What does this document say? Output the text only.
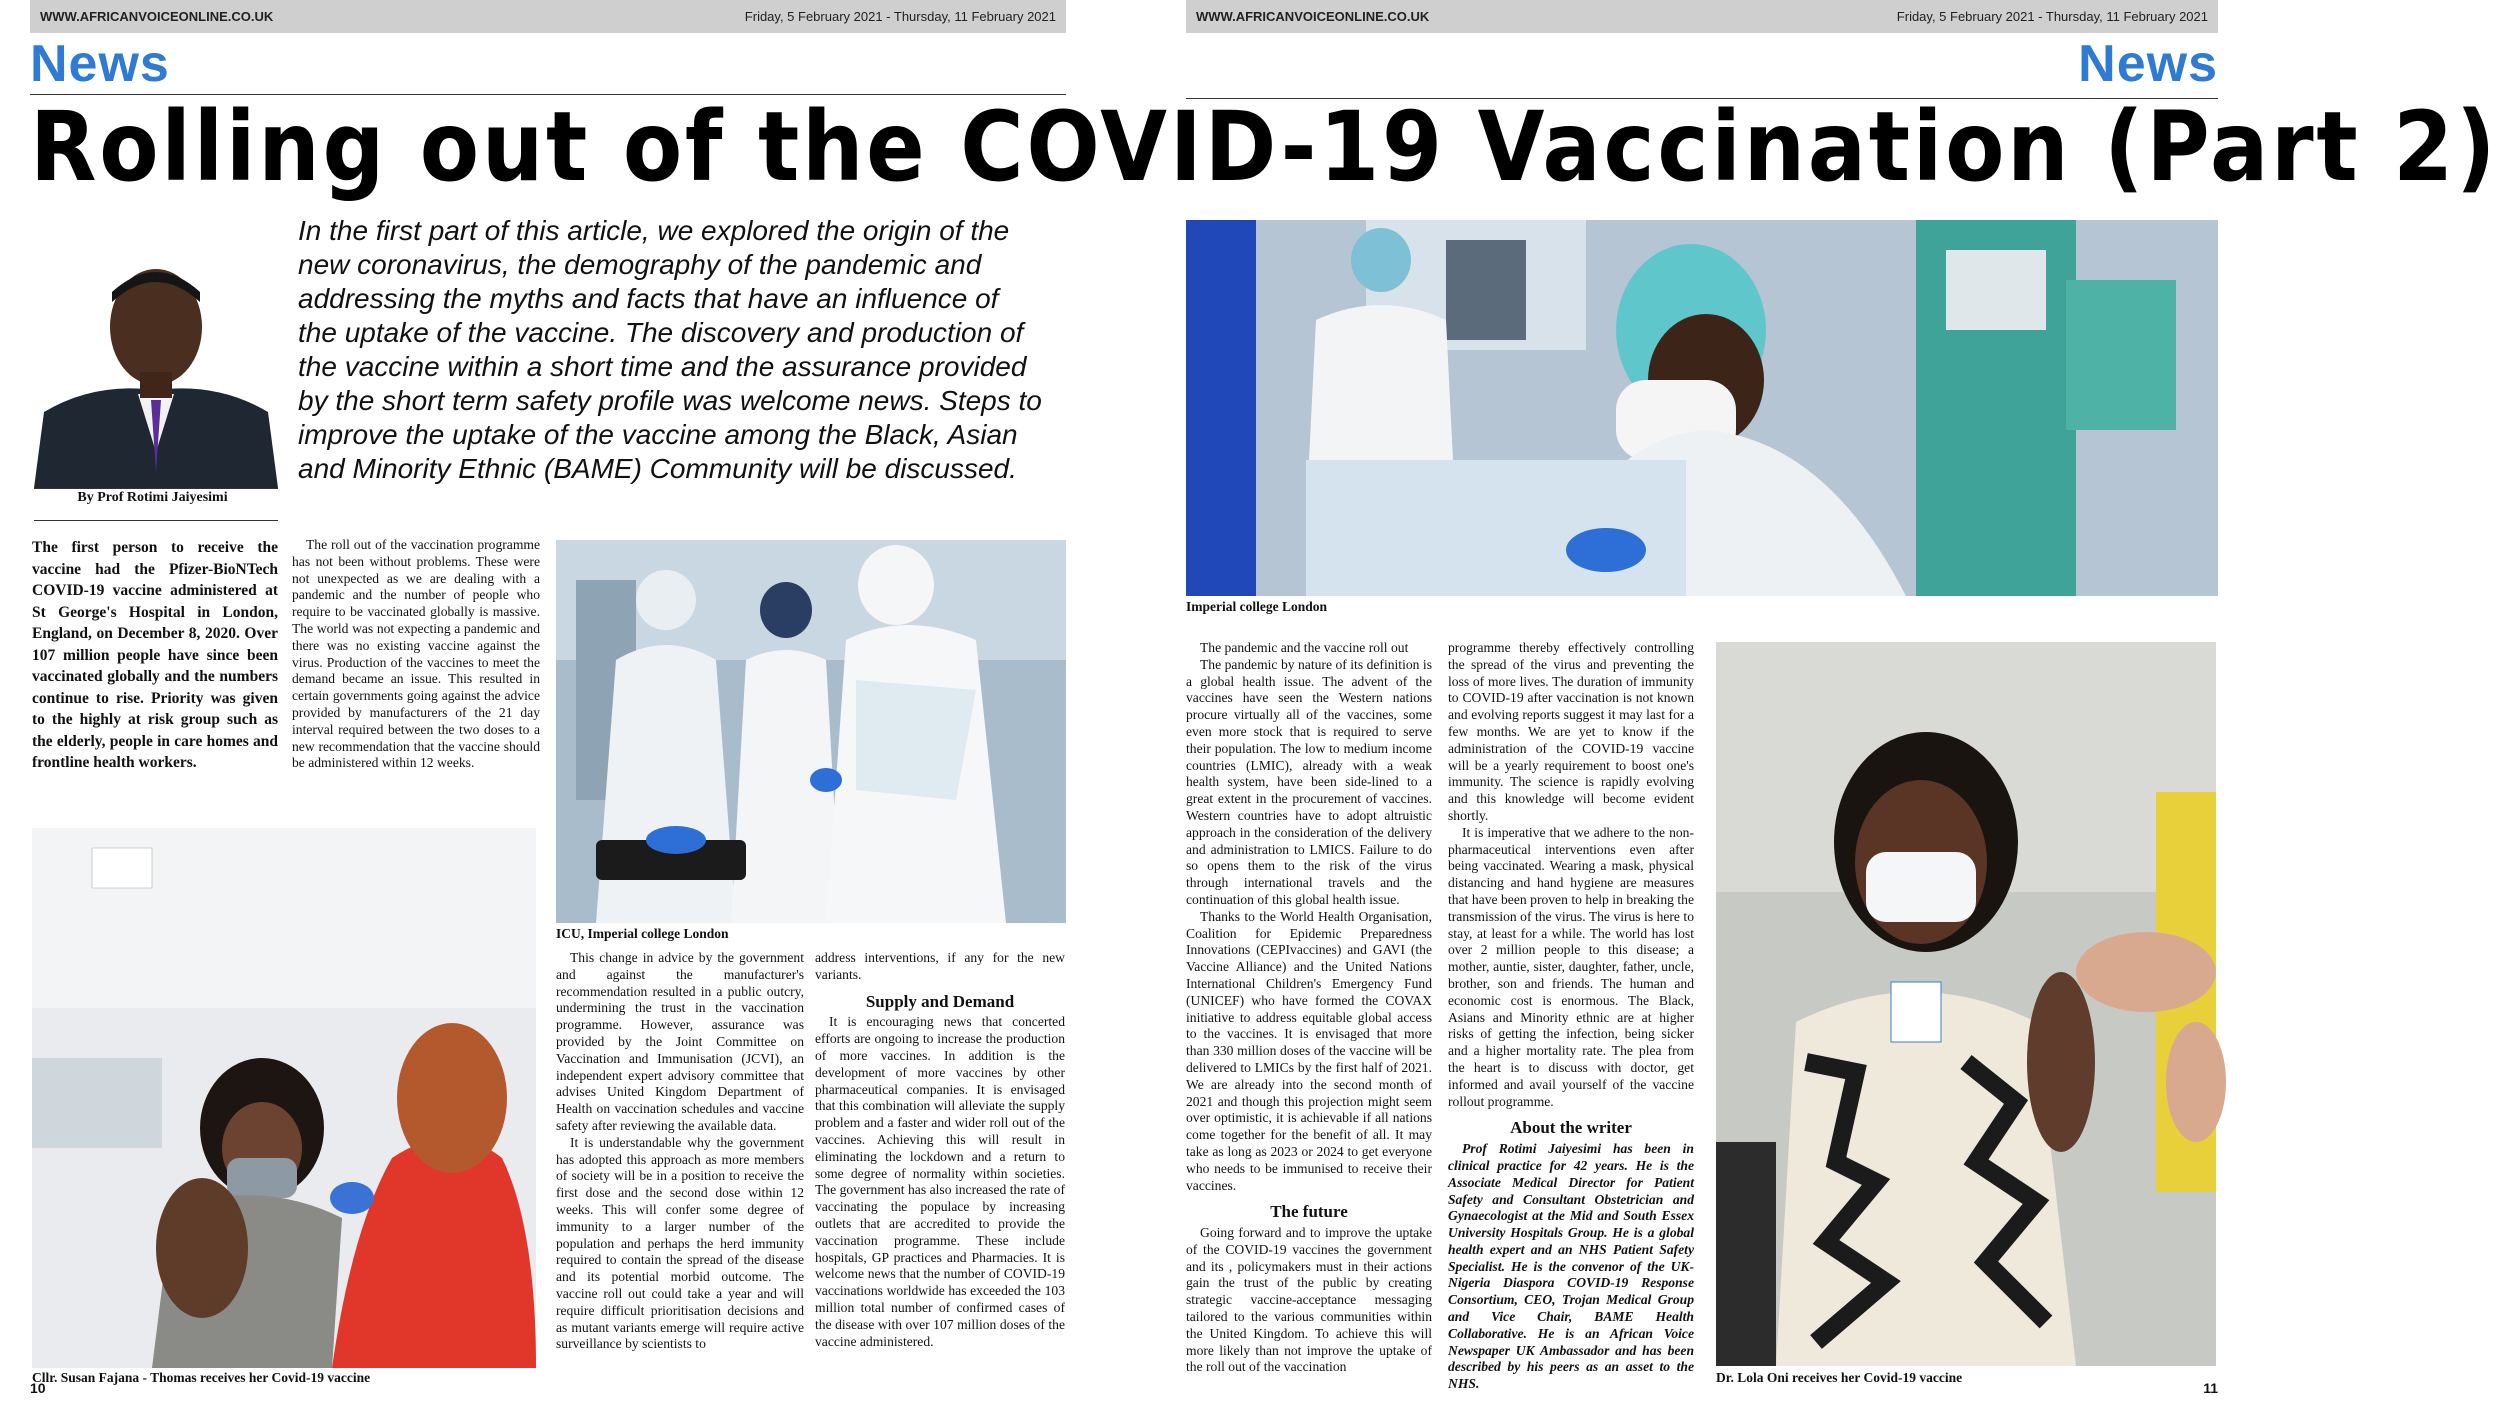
WWW.AFRICANVOICEONLINE.CO.UK	Friday, 5 February 2021 - Thursday, 11 February 2021	WWW.AFRICANVOICEONLINE.CO.UK	Friday, 5 February 2021 - Thursday, 11 February 2021
News	News
Rolling out of the COVID-19 Vaccination (Part 2)
By Prof Rotimi Jaiyesimi
In the first part of this article, we explored the origin of the new coronavirus, the demography of the pandemic and addressing the myths and facts that have an influence of the uptake of the vaccine. The discovery and production of the vaccine within a short time and the assurance provided by the short term safety profile was welcome news. Steps to improve the uptake of the vaccine among the Black, Asian and Minority Ethnic (BAME) Community will be discussed.
The first person to receive the vaccine had the Pfizer-BioNTech COVID-19 vaccine administered at St George's Hospital in London, England, on December 8, 2020. Over 107 million people have since been vaccinated globally and the numbers continue to rise. Priority was given to the highly at risk group such as the elderly, people in care homes and frontline health workers.

The roll out of the vaccination programme has not been without problems. These were not unexpected as we are dealing with a pandemic and the number of people who require to be vaccinated globally is massive. The world was not expecting a pandemic and there was no existing vaccine against the virus. Production of the vaccines to meet the demand became an issue. This resulted in certain governments going against the advice provided by manufacturers of the 21 day interval required between the two doses to a new recommendation that the vaccine should be administered within 12 weeks.

ICU, Imperial college London
Cllr. Susan Fajana - Thomas receives her Covid-19 vaccine

This change in advice by the government and against the manufacturer's recommendation resulted in a public outcry, undermining the trust in the vaccination programme. However, assurance was provided by the Joint Committee on Vaccination and Immunisation (JCVI), an independent expert advisory committee that advises United Kingdom Department of Health on vaccination schedules and vaccine safety after reviewing the available data.

It is understandable why the government has adopted this approach as more members of society will be in a position to receive the first dose and the second dose within 12 weeks. This will confer some degree of immunity to a larger number of the population and perhaps the herd immunity required to contain the spread of the disease and its potential morbid outcome. The vaccine roll out could take a year and will require difficult prioritisation decisions and as mutant variants emerge will require active surveillance by scientists to

address interventions, if any for the new variants.

Supply and Demand

It is encouraging news that concerted efforts are ongoing to increase the production of more vaccines. In addition is the development of more vaccines by other pharmaceutical companies. It is envisaged that this combination will alleviate the supply problem and a faster and wider roll out of the vaccines. Achieving this will result in eliminating the lockdown and a return to some degree of normality within societies. The government has also increased the rate of vaccinating the populace by increasing outlets that are accredited to provide the vaccination programme. These include hospitals, GP practices and Pharmacies. It is welcome news that the number of COVID-19 vaccinations worldwide has exceeded the 103 million total number of confirmed cases of the disease with over 107 million doses of the vaccine administered.

Imperial college London

The pandemic and the vaccine roll out

The pandemic by nature of its definition is a global health issue. The advent of the vaccines have seen the Western nations procure virtually all of the vaccines, some even more stock that is required to serve their population. The low to medium income countries (LMIC), already with a weak health system, have been side-lined to a great extent in the procurement of vaccines. Western countries have to adopt altruistic approach in the consideration of the delivery and administration to LMICS. Failure to do so opens them to the risk of the virus through international travels and the continuation of this global health issue.

Thanks to the World Health Organisation, Coalition for Epidemic Preparedness Innovations (CEPIvaccines) and GAVI (the Vaccine Alliance) and the United Nations International Children's Emergency Fund (UNICEF) who have formed the COVAX initiative to address equitable global access to the vaccines. It is envisaged that more than 330 million doses of the vaccine will be delivered to LMICs by the first half of 2021. We are already into the second month of 2021 and though this projection might seem over optimistic, it is achievable if all nations come together for the benefit of all. It may take as long as 2023 or 2024 to get everyone who needs to be immunised to receive their vaccines.

The future

Going forward and to improve the uptake of the COVID-19 vaccines the government and its , policymakers must in their actions gain the trust of the public by creating strategic vaccine-acceptance messaging tailored to the various communities within the United Kingdom. To achieve this will more likely than not improve the uptake of the roll out of the vaccination

programme thereby effectively controlling the spread of the virus and preventing the loss of more lives. The duration of immunity to COVID-19 after vaccination is not known and evolving reports suggest it may last for a few months. We are yet to know if the administration of the COVID-19 vaccine will be a yearly requirement to boost one's immunity. The science is rapidly evolving and this knowledge will become evident shortly.

It is imperative that we adhere to the non-pharmaceutical interventions even after being vaccinated. Wearing a mask, physical distancing and hand hygiene are measures that have been proven to help in breaking the transmission of the virus. The virus is here to stay, at least for a while. The world has lost over 2 million people to this disease; a mother, auntie, sister, daughter, father, uncle, brother, son and friends. The human and economic cost is enormous. The Black, Asians and Minority ethnic are at higher risks of getting the infection, being sicker and a higher mortality rate. The plea from the heart is to discuss with doctor, get informed and avail yourself of the vaccine rollout programme.

About the writer

Prof Rotimi Jaiyesimi has been in clinical practice for 42 years. He is the Associate Medical Director for Patient Safety and Consultant Obstetrician and Gynaecologist at the Mid and South Essex University Hospitals Group. He is a global health expert and an NHS Patient Safety Specialist. He is the convenor of the UK-Nigeria Diaspora COVID-19 Response Consortium, CEO, Trojan Medical Group and Vice Chair, BAME Health Collaborative. He is an African Voice Newspaper UK Ambassador and has been described by his peers as an asset to the NHS.	Dr. Lola Oni receives her Covid-19 vaccine
10	11
